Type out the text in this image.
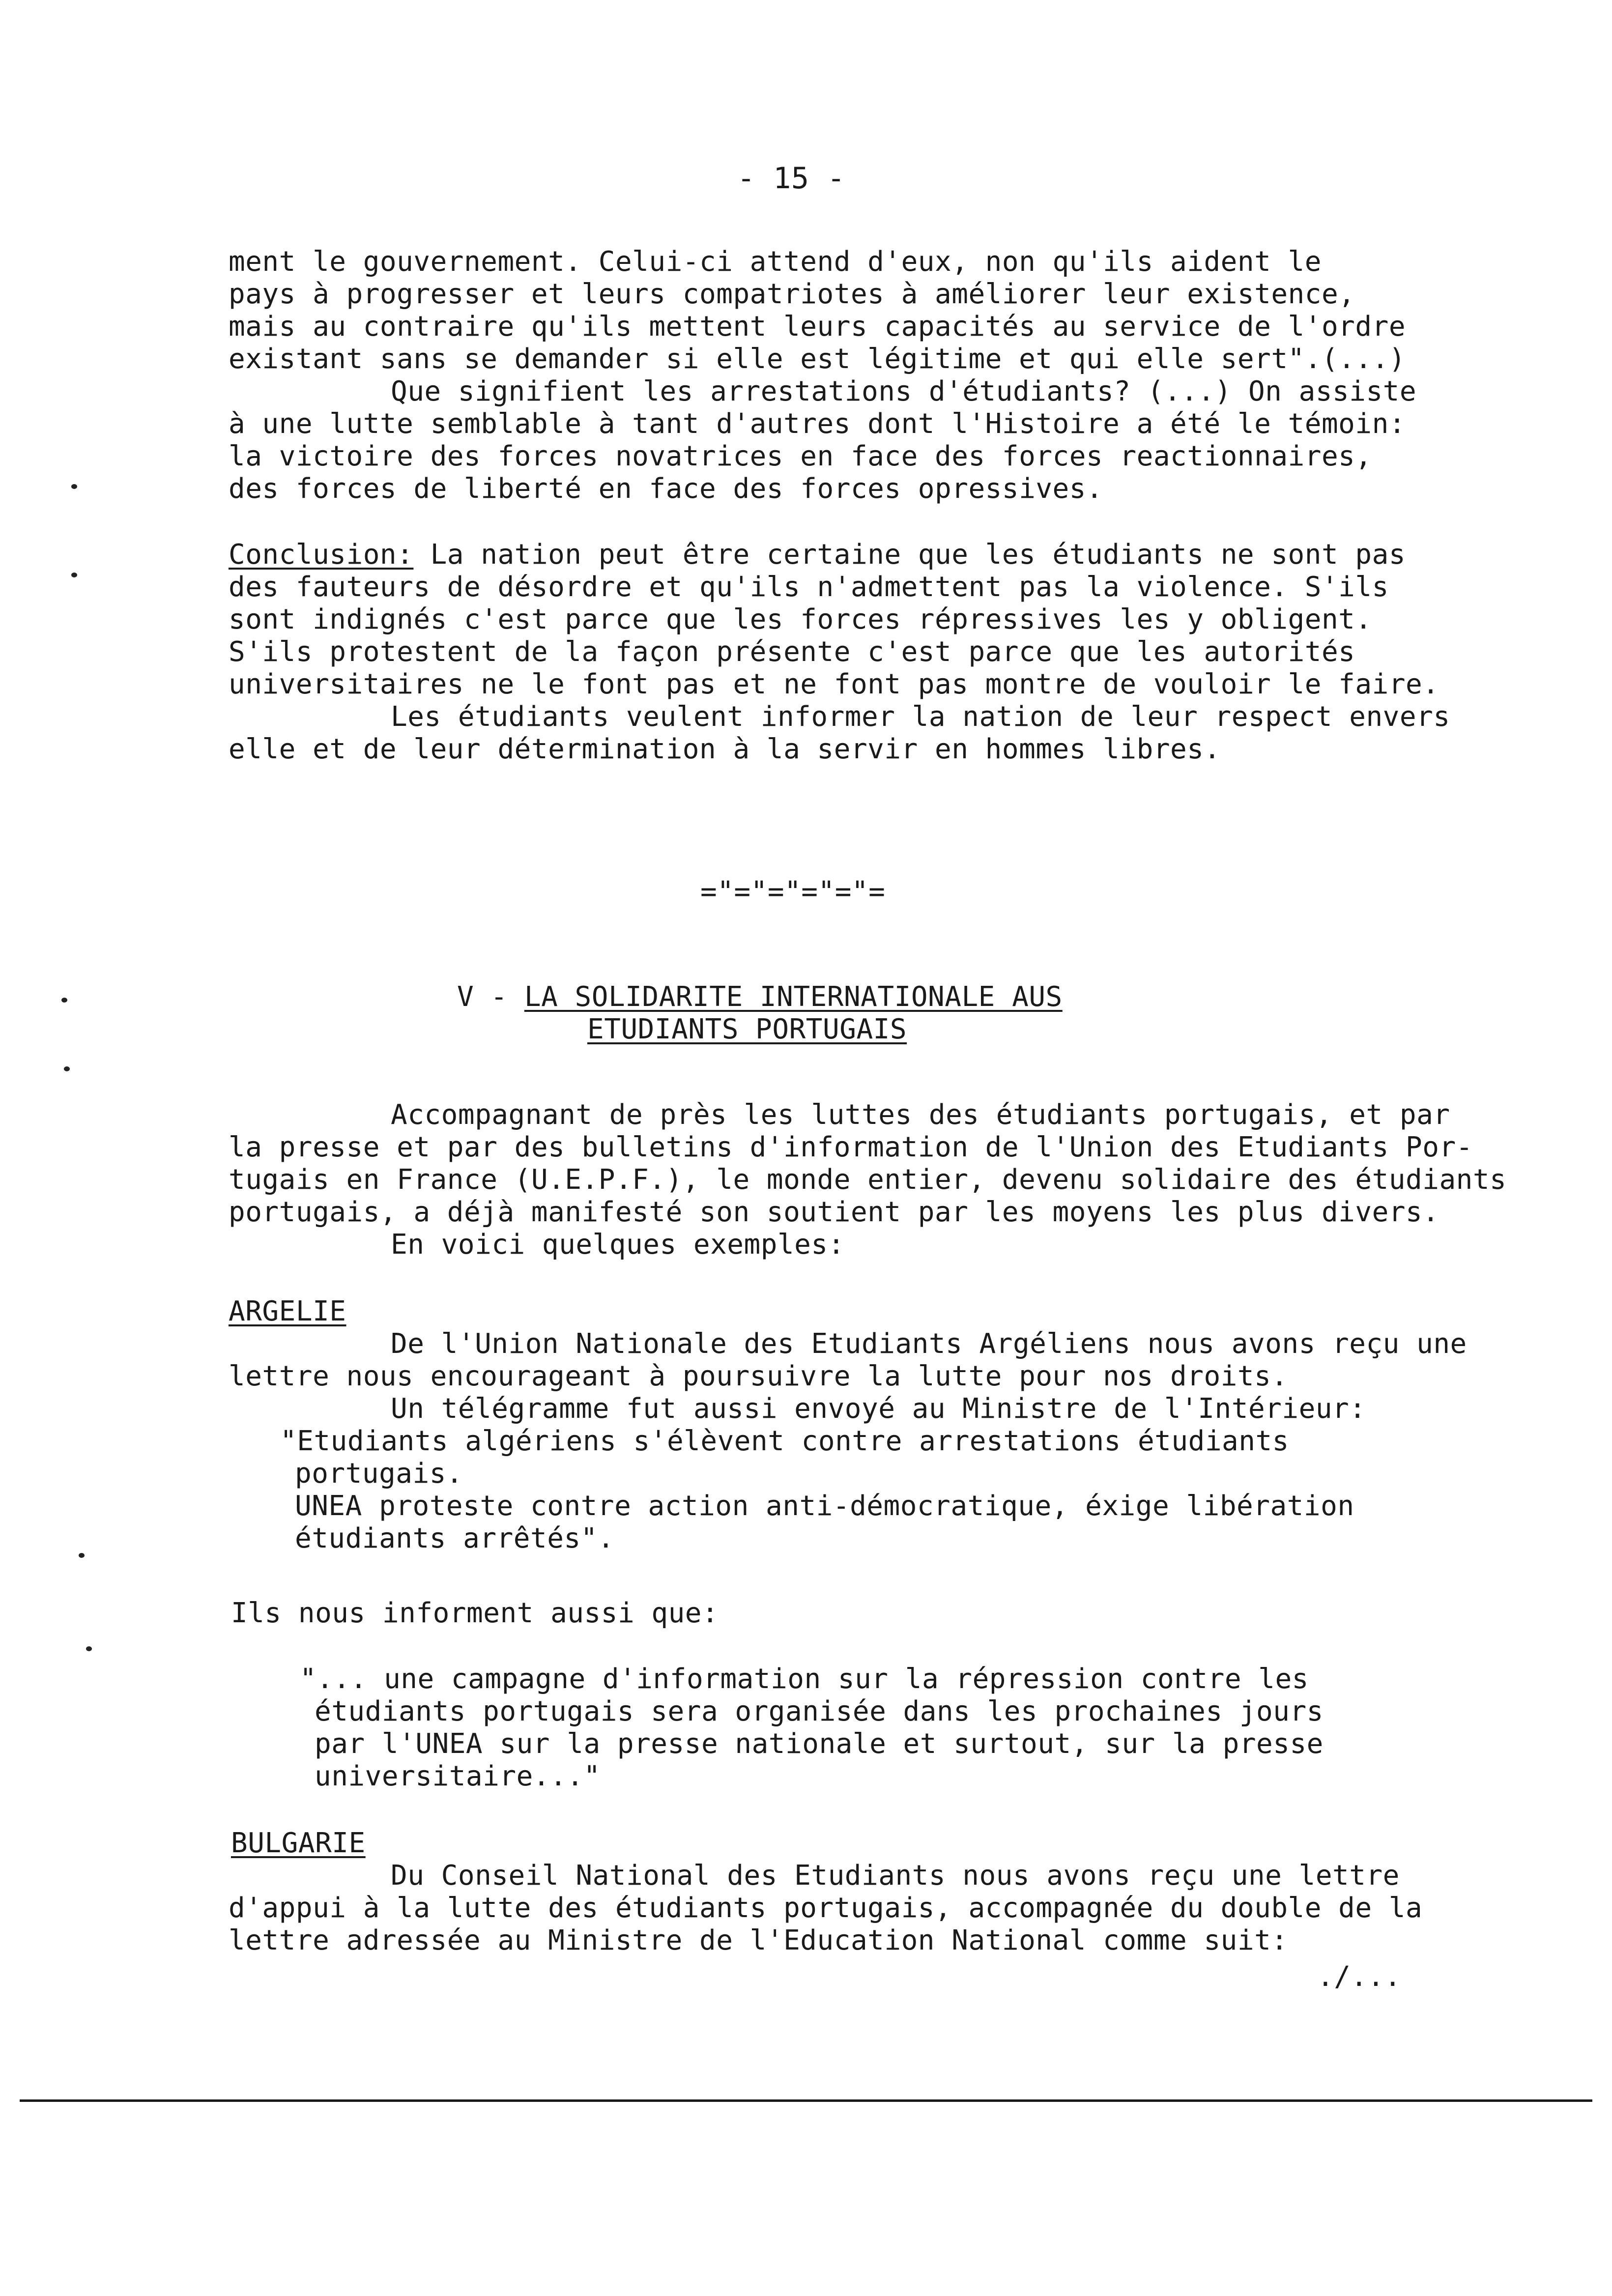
- 15 -
ment le gouvernement. Celui-ci attend d'eux, non qu'ils aident le
pays à progresser et leurs compatriotes à améliorer leur existence,
mais au contraire qu'ils mettent leurs capacités au service de l'ordre
existant sans se demander si elle est légitime et qui elle sert".(...)
Que signifient les arrestations d'étudiants? (...) On assiste
à une lutte semblable à tant d'autres dont l'Histoire a été le témoin:
la victoire des forces novatrices en face des forces reactionnaires,
des forces de liberté en face des forces opressives.
Conclusion: La nation peut être certaine que les étudiants ne sont pas
des fauteurs de désordre et qu'ils n'admettent pas la violence. S'ils
sont indignés c'est parce que les forces répressives les y obligent.
S'ils protestent de la façon présente c'est parce que les autorités
universitaires ne le font pas et ne font pas montre de vouloir le faire.
Les étudiants veulent informer la nation de leur respect envers
elle et de leur détermination à la servir en hommes libres.
="="="="="=
V - LA SOLIDARITE INTERNATIONALE AUS
ETUDIANTS PORTUGAIS
Accompagnant de près les luttes des étudiants portugais, et par
la presse et par des bulletins d'information de l'Union des Etudiants Por-
tugais en France (U.E.P.F.), le monde entier, devenu solidaire des étudiants
portugais, a déjà manifesté son soutient par les moyens les plus divers.
En voici quelques exemples:
ARGELIE
De l'Union Nationale des Etudiants Argéliens nous avons reçu une
lettre nous encourageant à poursuivre la lutte pour nos droits.
Un télégramme fut aussi envoyé au Ministre de l'Intérieur:
"Etudiants algériens s'élèvent contre arrestations étudiants
portugais.
UNEA proteste contre action anti-démocratique, éxige libération
étudiants arrêtés".
Ils nous informent aussi que:
"... une campagne d'information sur la répression contre les
étudiants portugais sera organisée dans les prochaines jours
par l'UNEA sur la presse nationale et surtout, sur la presse
universitaire..."
BULGARIE
Du Conseil National des Etudiants nous avons reçu une lettre
d'appui à la lutte des étudiants portugais, accompagnée du double de la
lettre adressée au Ministre de l'Education National comme suit:
./...
